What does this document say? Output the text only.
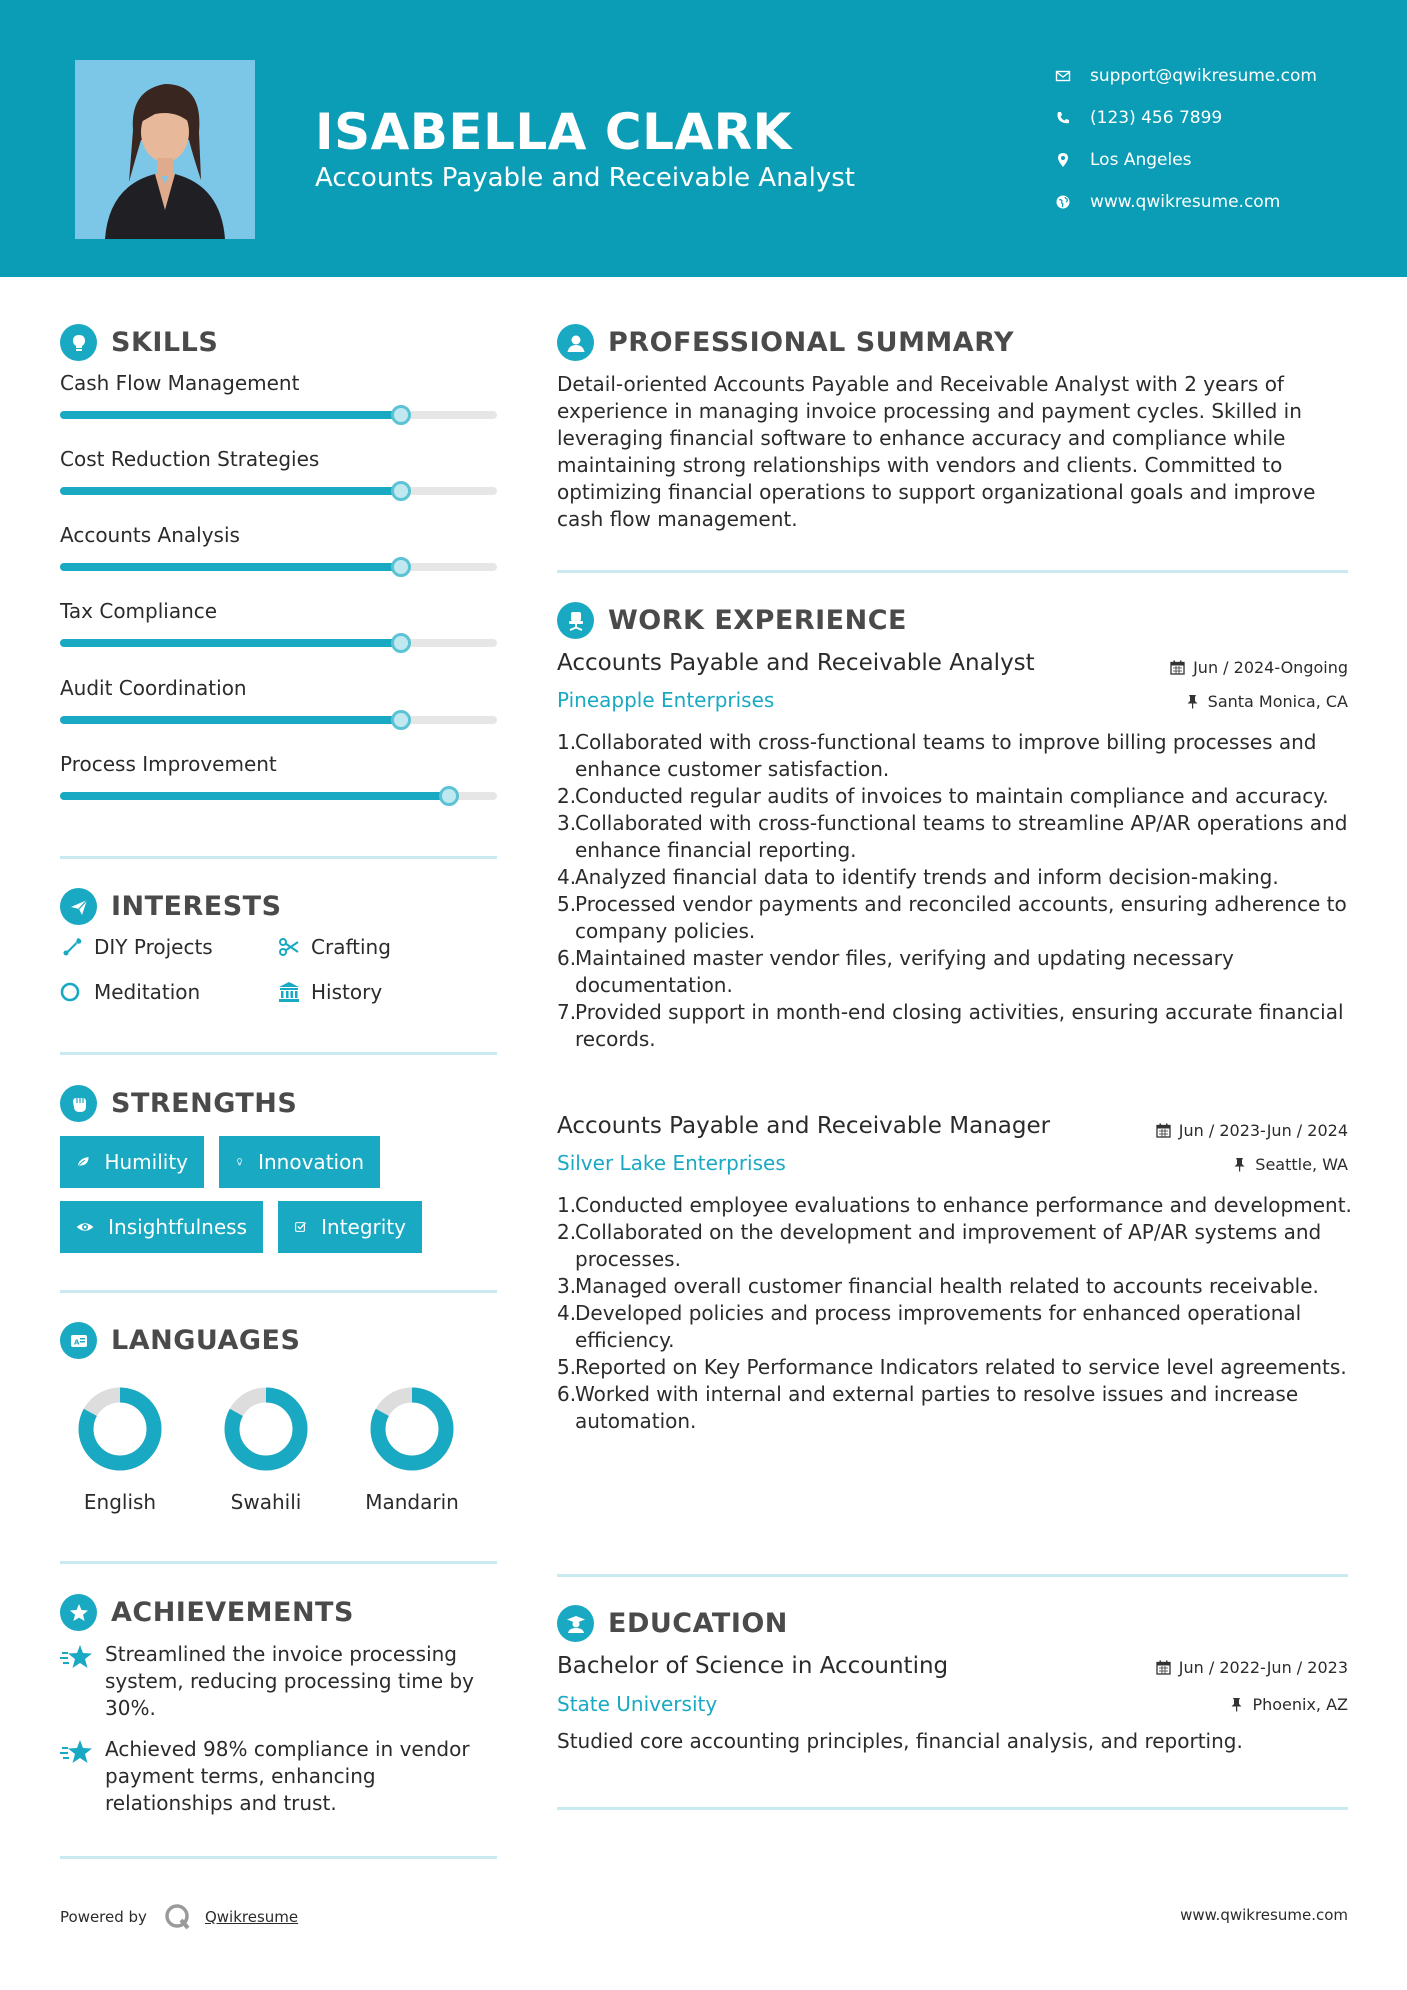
ISABELLA CLARK
Accounts Payable and Receivable Analyst
support@qwikresume.com
(123) 456 7899
Los Angeles
www.qwikresume.com
SKILLS
Cash Flow Management
Cost Reduction Strategies
Accounts Analysis
Tax Compliance
Audit Coordination
Process Improvement
INTERESTS
DIY Projects	Crafting
Meditation	History
STRENGTHS
Humility	Innovation
Insightfulness	Integrity
A LANGUAGES
English	Swahili	Mandarin
ACHIEVEMENTS
Streamlined the invoice processing system, reducing processing time by 30%.
Achieved 98% compliance in vendor payment terms, enhancing relationships and trust.
PROFESSIONAL SUMMARY
Detail-oriented Accounts Payable and Receivable Analyst with 2 years of experience in managing invoice processing and payment cycles. Skilled in leveraging financial software to enhance accuracy and compliance while maintaining strong relationships with vendors and clients. Committed to optimizing financial operations to support organizational goals and improve cash flow management.
WORK EXPERIENCE
Accounts Payable and Receivable Analyst	Jun / 2024-Ongoing
Pineapple Enterprises	Santa Monica, CA
1.
Collaborated with cross-functional teams to improve billing processes and enhance customer satisfaction.
2.
Conducted regular audits of invoices to maintain compliance and accuracy.
3.
Collaborated with cross-functional teams to streamline AP/AR operations and enhance financial reporting.
4.
Analyzed financial data to identify trends and inform decision-making.
5.
Processed vendor payments and reconciled accounts, ensuring adherence to company policies.
6.
Maintained master vendor files, verifying and updating necessary documentation.
7.
Provided support in month-end closing activities, ensuring accurate financial records.
Accounts Payable and Receivable Manager	Jun / 2023-Jun / 2024
Silver Lake Enterprises	Seattle, WA
1.
Conducted employee evaluations to enhance performance and development.
2.
Collaborated on the development and improvement of AP/AR systems and processes.
3.
Managed overall customer financial health related to accounts receivable.
4.
Developed policies and process improvements for enhanced operational efficiency.
5.
Reported on Key Performance Indicators related to service level agreements.
6.
Worked with internal and external parties to resolve issues and increase automation.
EDUCATION
Bachelor of Science in Accounting	Jun / 2022-Jun / 2023
State University	Phoenix, AZ
Studied core accounting principles, financial analysis, and reporting.
Powered by	Qwikresume	www.qwikresume.com
